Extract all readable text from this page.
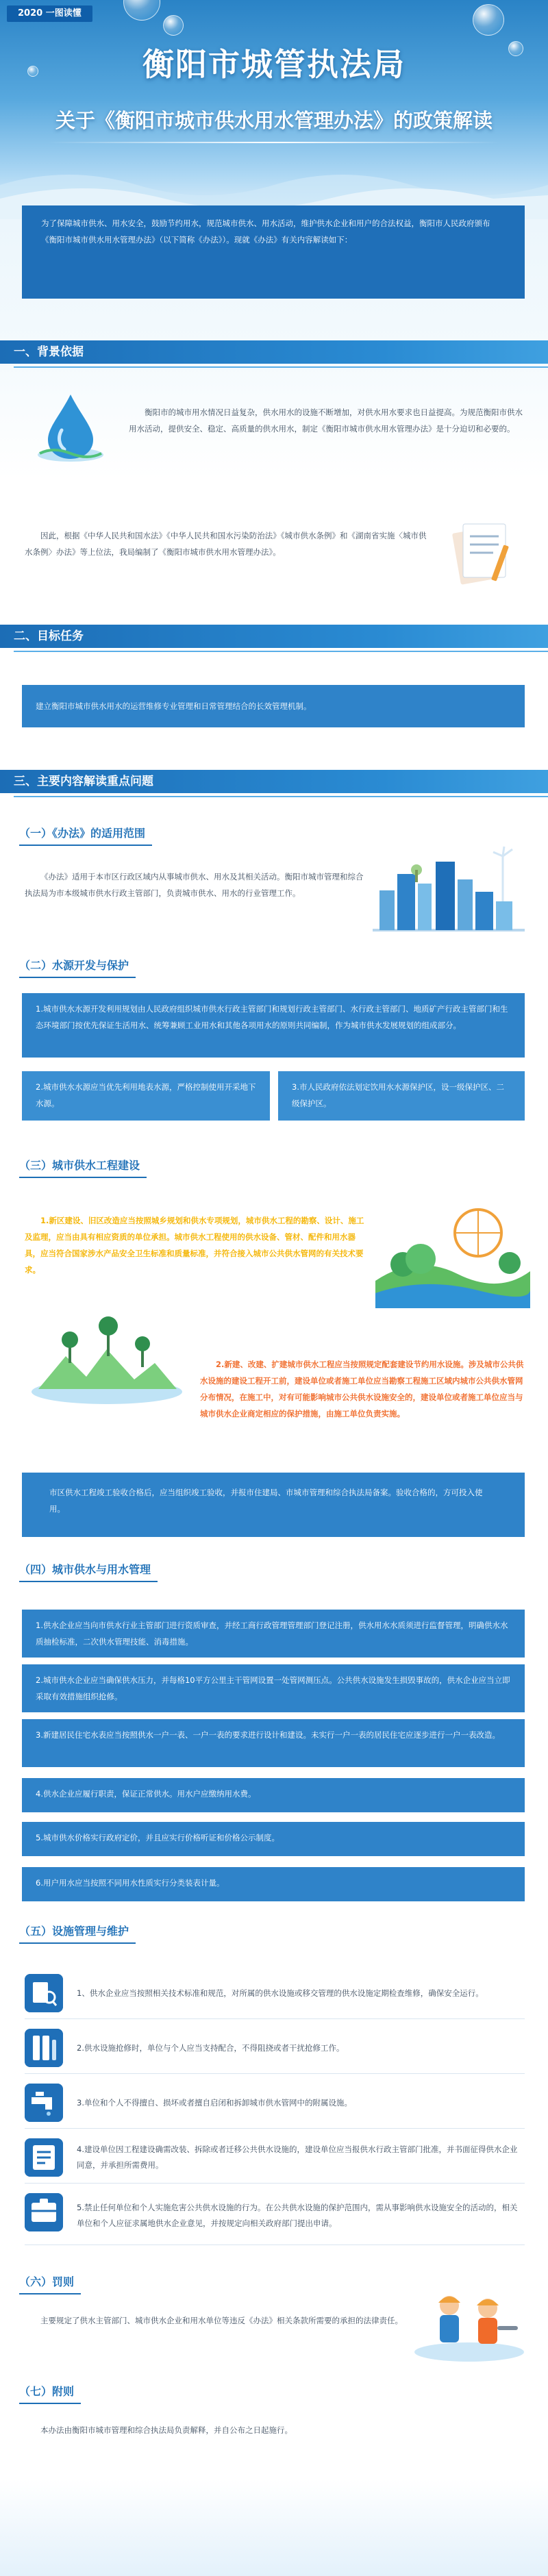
2020 一图读懂
衡阳市城管执法局
关于《衡阳市城市供水用水管理办法》的政策解读
为了保障城市供水、用水安全，鼓励节约用水，规范城市供水、用水活动，维护供水企业和用户的合法权益，衡阳市人民政府颁布《衡阳市城市供水用水管理办法》（以下简称《办法》）。现就《办法》有关内容解读如下：
一、背景依据
衡阳市的城市用水情况日益复杂，供水用水的设施不断增加，对供水用水要求也日益提高。为规范衡阳市供水用水活动，提供安全、稳定、高质量的供水用水，制定《衡阳市城市供水用水管理办法》是十分迫切和必要的。
因此，根据《中华人民共和国水法》《中华人民共和国水污染防治法》《城市供水条例》和《湖南省实施〈城市供水条例〉办法》等上位法，我局编制了《衡阳市城市供水用水管理办法》。
二、目标任务
建立衡阳市城市供水用水的运营维修专业管理和日常管理结合的长效管理机制。
三、主要内容解读重点问题
（一）《办法》的适用范围
《办法》适用于本市区行政区域内从事城市供水、用水及其相关活动。衡阳市城市管理和综合执法局为市本级城市供水行政主管部门，负责城市供水、用水的行业管理工作。
（二）水源开发与保护
1.城市供水水源开发利用规划由人民政府组织城市供水行政主管部门和规划行政主管部门、水行政主管部门、地质矿产行政主管部门和生态环境部门按优先保证生活用水、统筹兼顾工业用水和其他各项用水的原则共同编制，作为城市供水发展规划的组成部分。
2.城市供水水源应当优先利用地表水源，严格控制使用开采地下水源。
3.市人民政府依法划定饮用水水源保护区，设一级保护区、二级保护区。
（三）城市供水工程建设
1.新区建设、旧区改造应当按照城乡规划和供水专项规划，城市供水工程的勘察、设计、施工及监理，应当由具有相应资质的单位承担。城市供水工程使用的供水设备、管材、配件和用水器具，应当符合国家涉水产品安全卫生标准和质量标准，并符合接入城市公共供水管网的有关技术要求。
2.新建、改建、扩建城市供水工程应当按照规定配套建设节约用水设施。涉及城市公共供水设施的建设工程开工前，建设单位或者施工单位应当勘察工程施工区域内城市公共供水管网分布情况，在施工中，对有可能影响城市公共供水设施安全的，建设单位或者施工单位应当与城市供水企业商定相应的保护措施，由施工单位负责实施。
市区供水工程竣工验收合格后，应当组织竣工验收，并报市住建局、市城市管理和综合执法局备案。验收合格的，方可投入使用。
（四）城市供水与用水管理
1.供水企业应当向市供水行业主管部门进行资质审查，并经工商行政管理管理部门登记注册，供水用水水质须进行监督管理，明确供水水质抽检标准，二次供水管理技能、消毒措施。
2.城市供水企业应当确保供水压力，并每格10平方公里主干管网设置一处管网测压点。公共供水设施发生损毁事故的，供水企业应当立即采取有效措施组织抢修。
3.新建居民住宅水表应当按照供水一户一表、一户一表的要求进行设计和建设。未实行一户一表的居民住宅应逐步进行一户一表改造。
4.供水企业应履行职责，保证正常供水。用水户应缴纳用水费。
5.城市供水价格实行政府定价，并且应实行价格听证和价格公示制度。
6.用户用水应当按照不同用水性质实行分类装表计量。
（五）设施管理与维护
1、供水企业应当按照相关技术标准和规范，对所属的供水设施或移交管理的供水设施定期检查维修，确保安全运行。
2.供水设施抢修时，单位与个人应当支持配合，不得阻挠或者干扰抢修工作。
3.单位和个人不得擅自、损坏或者擅自启闭和拆卸城市供水管网中的附属设施。
4.建设单位因工程建设确需改装、拆除或者迁移公共供水设施的，建设单位应当报供水行政主管部门批准，并书面征得供水企业同意，并承担所需费用。
5.禁止任何单位和个人实施危害公共供水设施的行为。在公共供水设施的保护范围内，需从事影响供水设施安全的活动的，相关单位和个人应征求属地供水企业意见，并按规定向相关政府部门提出申请。
（六）罚则
主要规定了供水主管部门、城市供水企业和用水单位等违反《办法》相关条款所需要的承担的法律责任。
（七）附则
本办法由衡阳市城市管理和综合执法局负责解释，并自公布之日起施行。
